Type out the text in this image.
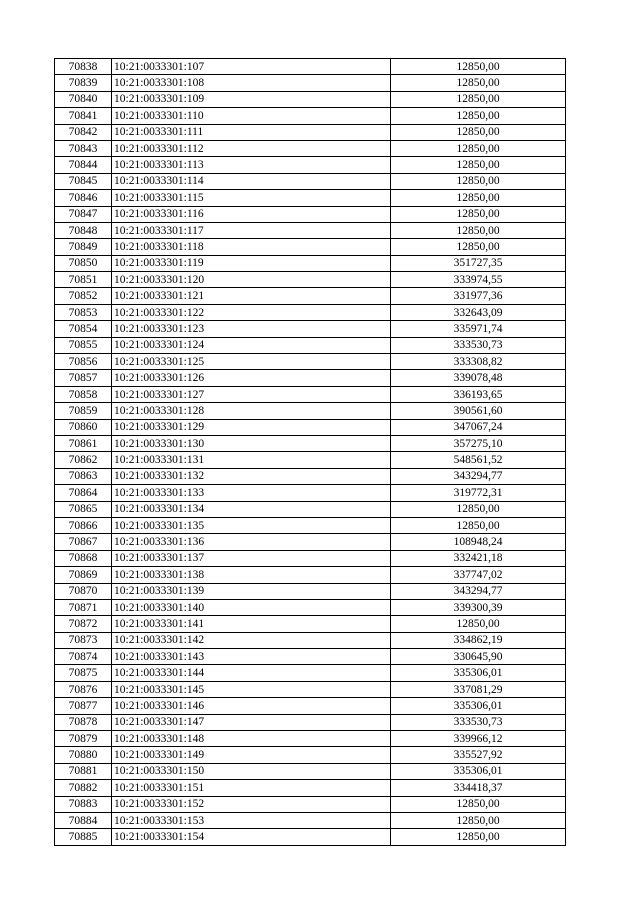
70838	10:21:0033301:107	12850,00
70839	10:21:0033301:108	12850,00
70840	10:21:0033301:109	12850,00
70841	10:21:0033301:110	12850,00
70842	10:21:0033301:111	12850,00
70843	10:21:0033301:112	12850,00
70844	10:21:0033301:113	12850,00
70845	10:21:0033301:114	12850,00
70846	10:21:0033301:115	12850,00
70847	10:21:0033301:116	12850,00
70848	10:21:0033301:117	12850,00
70849	10:21:0033301:118	12850,00
70850	10:21:0033301:119	351727,35
70851	10:21:0033301:120	333974,55
70852	10:21:0033301:121	331977,36
70853	10:21:0033301:122	332643,09
70854	10:21:0033301:123	335971,74
70855	10:21:0033301:124	333530,73
70856	10:21:0033301:125	333308,82
70857	10:21:0033301:126	339078,48
70858	10:21:0033301:127	336193,65
70859	10:21:0033301:128	390561,60
70860	10:21:0033301:129	347067,24
70861	10:21:0033301:130	357275,10
70862	10:21:0033301:131	548561,52
70863	10:21:0033301:132	343294,77
70864	10:21:0033301:133	319772,31
70865	10:21:0033301:134	12850,00
70866	10:21:0033301:135	12850,00
70867	10:21:0033301:136	108948,24
70868	10:21:0033301:137	332421,18
70869	10:21:0033301:138	337747,02
70870	10:21:0033301:139	343294,77
70871	10:21:0033301:140	339300,39
70872	10:21:0033301:141	12850,00
70873	10:21:0033301:142	334862,19
70874	10:21:0033301:143	330645,90
70875	10:21:0033301:144	335306,01
70876	10:21:0033301:145	337081,29
70877	10:21:0033301:146	335306,01
70878	10:21:0033301:147	333530,73
70879	10:21:0033301:148	339966,12
70880	10:21:0033301:149	335527,92
70881	10:21:0033301:150	335306,01
70882	10:21:0033301:151	334418,37
70883	10:21:0033301:152	12850,00
70884	10:21:0033301:153	12850,00
70885	10:21:0033301:154	12850,00
